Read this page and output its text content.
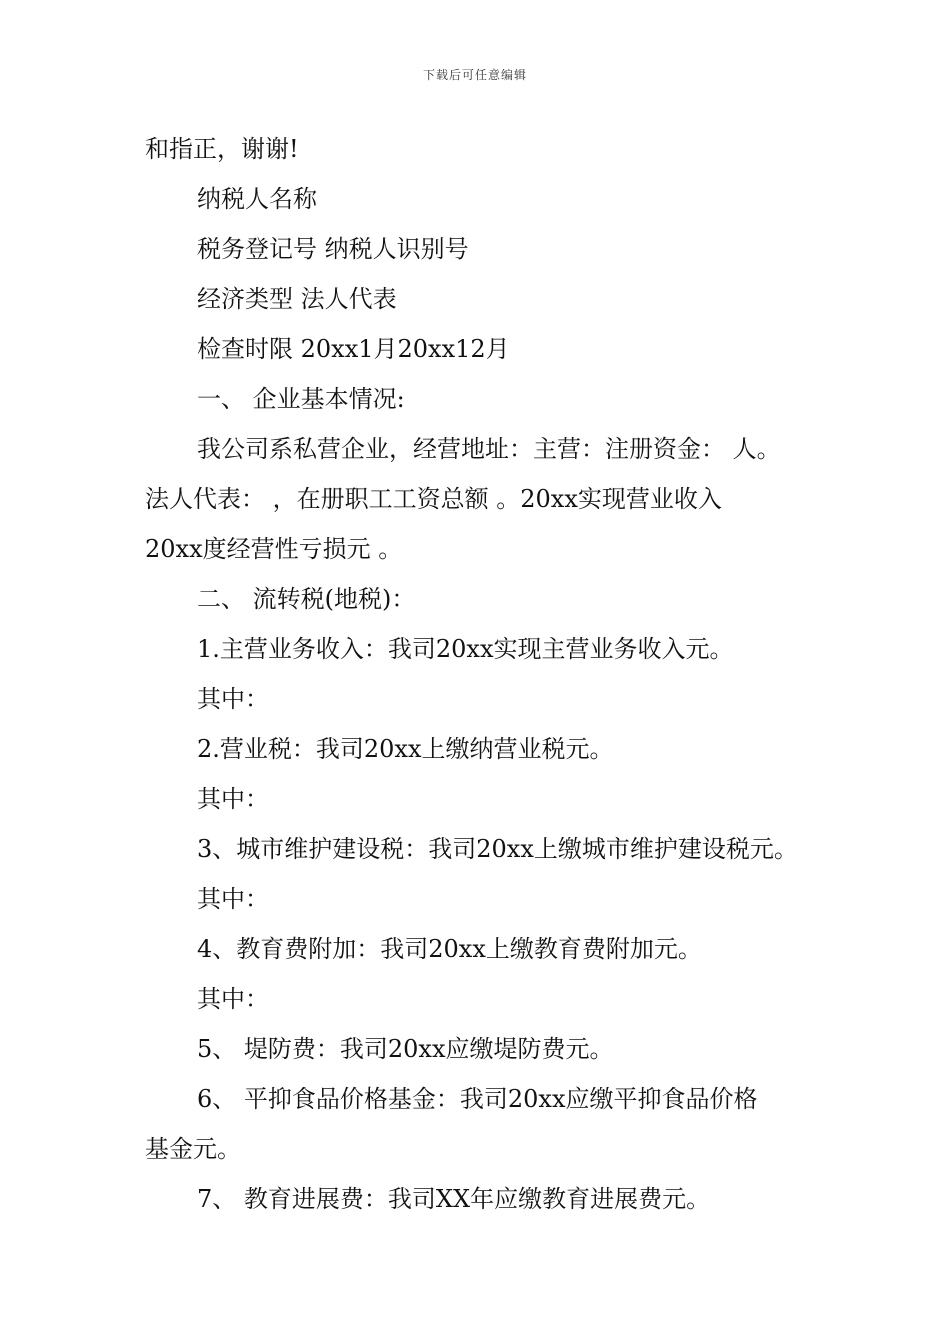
下载后可任意编辑
和指正，谢谢!
纳税人名称
税务登记号 纳税人识别号
经济类型 法人代表
检查时限 20xx1月20xx12月
一、 企业基本情况:
我公司系私营企业，经营地址：主营：注册资金： 人。
法人代表： ，在册职工工资总额 。20xx实现营业收入
20xx度经营性亏损元 。
二、 流转税(地税)：
1.主营业务收入：我司20xx实现主营业务收入元。
其中：
2.营业税：我司20xx上缴纳营业税元。
其中：
3、城市维护建设税：我司20xx上缴城市维护建设税元。
其中：
4、教育费附加：我司20xx上缴教育费附加元。
其中：
5、 堤防费：我司20xx应缴堤防费元。
6、 平抑食品价格基金：我司20xx应缴平抑食品价格
基金元。
7、 教育进展费：我司XX年应缴教育进展费元。
